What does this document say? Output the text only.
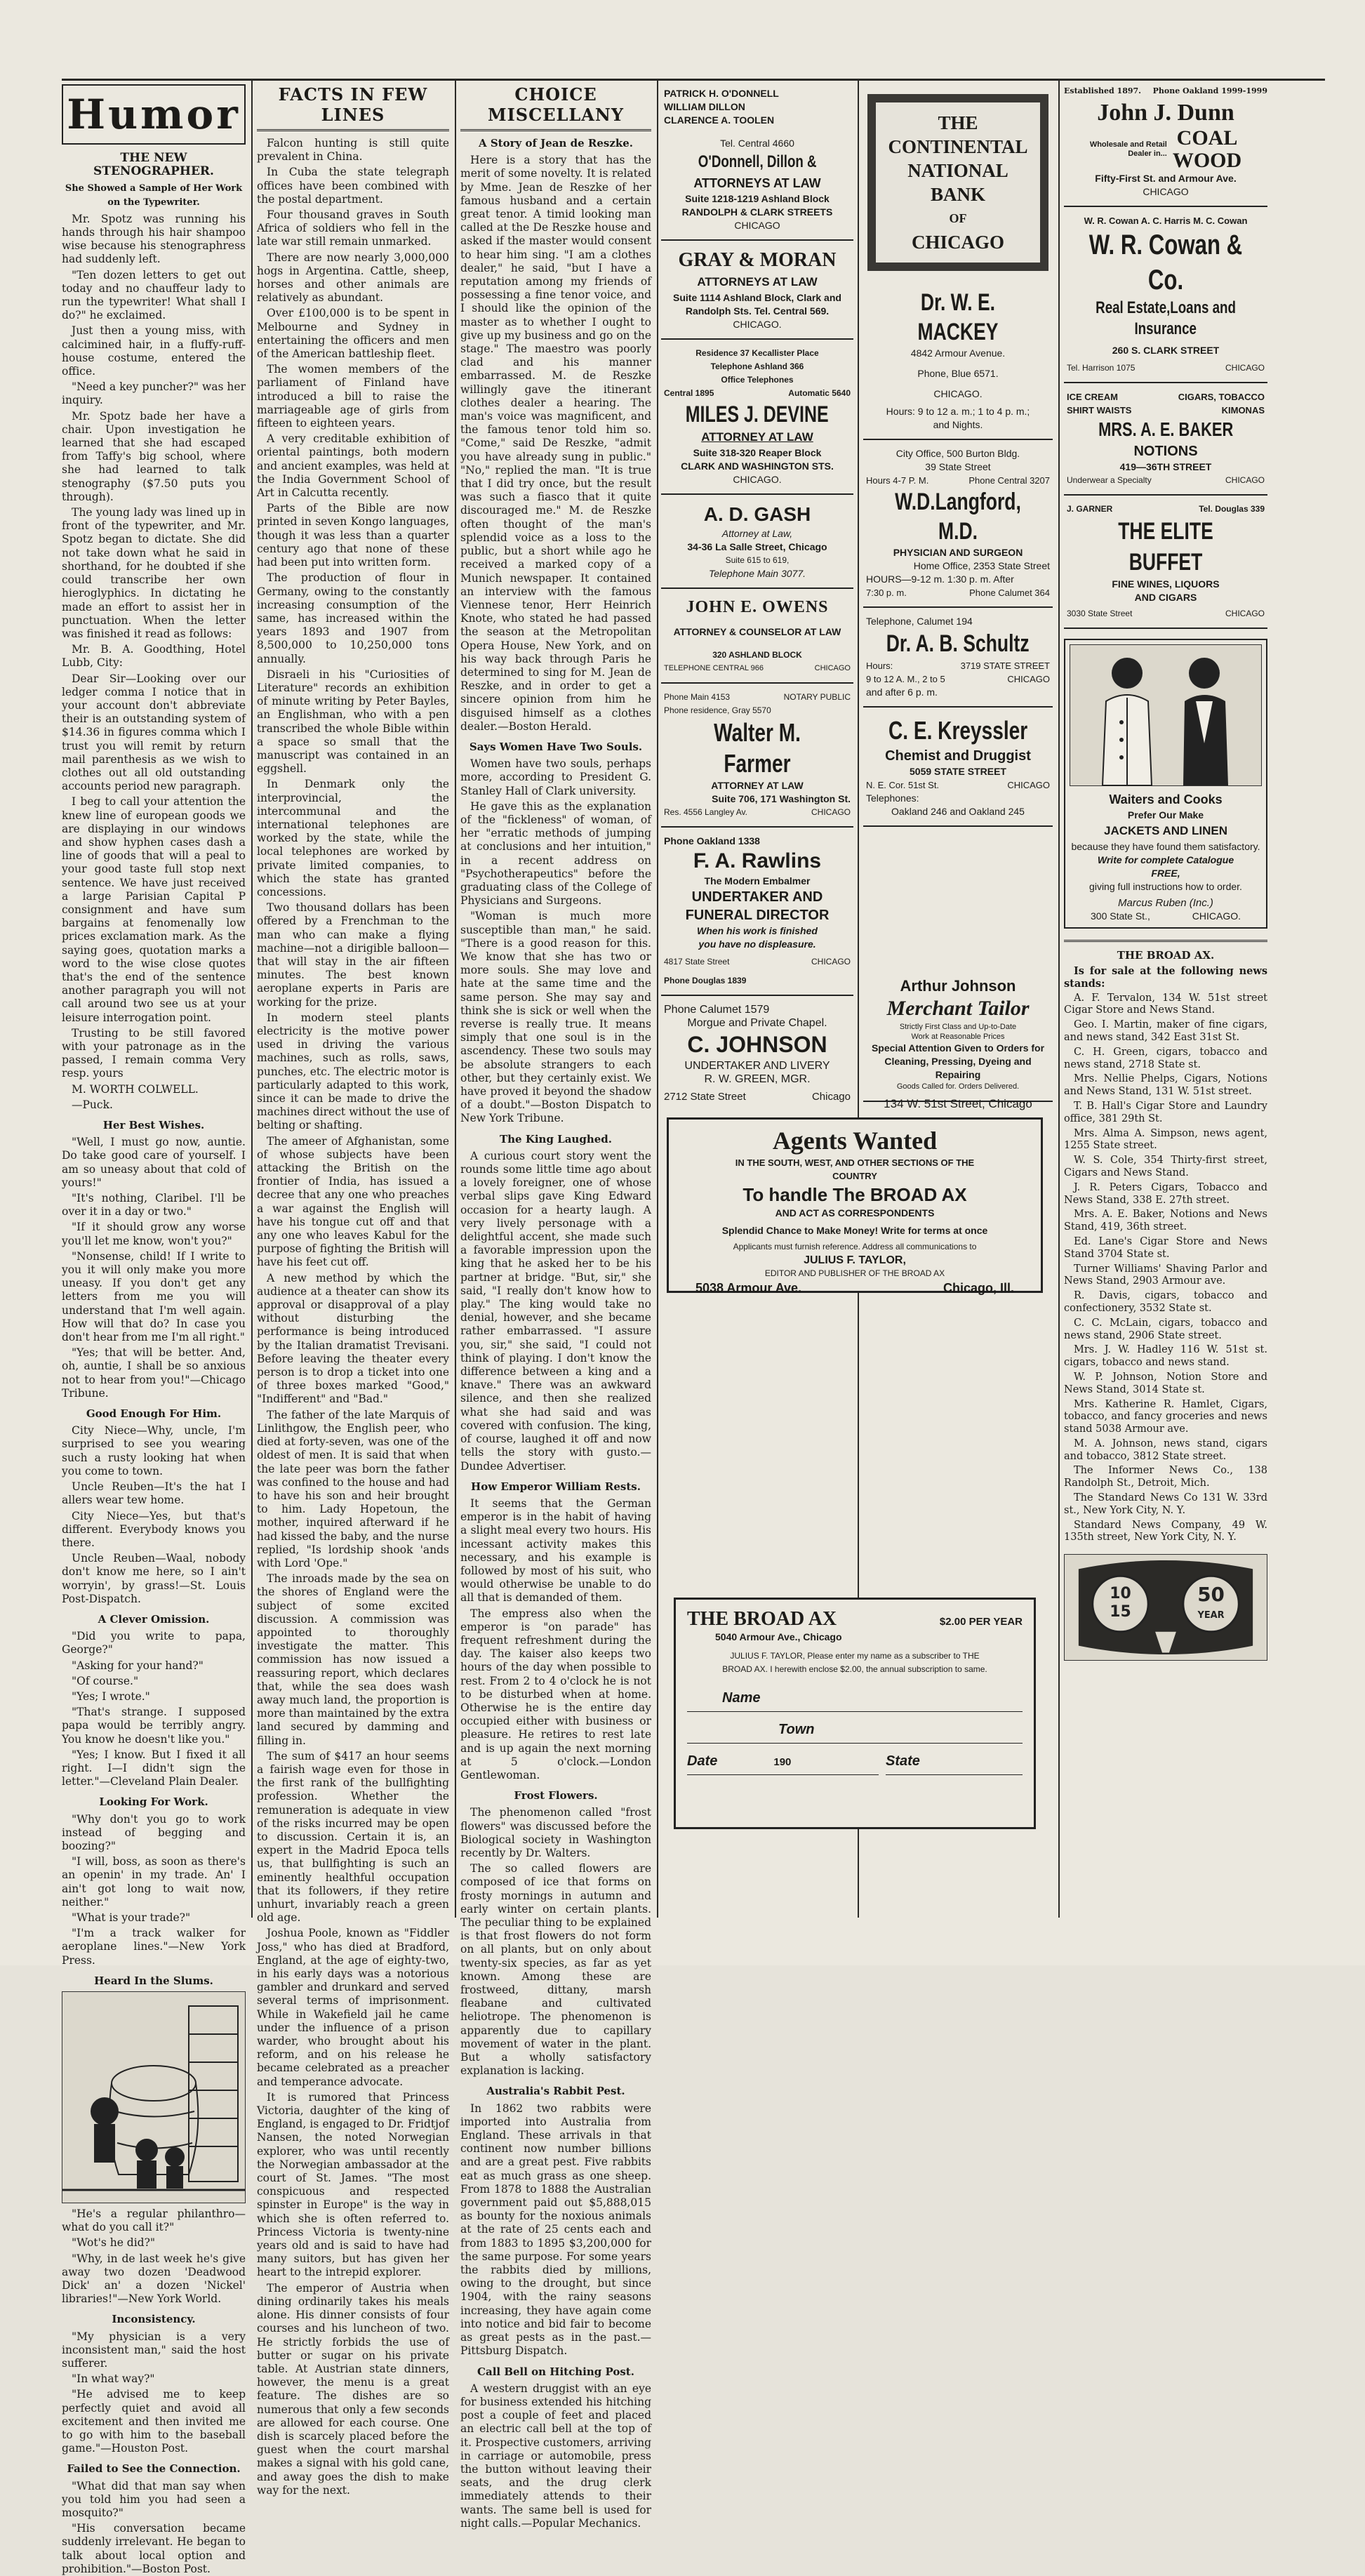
Humor
THE NEW STENOGRAPHER.
She Showed a Sample of Her Work on the Typewriter.

Mr. Spotz was running his hands through his hair shampoo wise because his stenographress had suddenly left.

"Ten dozen letters to get out today and no chauffeur lady to run the typewriter! What shall I do?" he exclaimed.

Just then a young miss, with calcimined hair, in a fluffy-ruff-house costume, entered the office.

"Need a key puncher?" was her inquiry.

Mr. Spotz bade her have a chair. Upon investigation he learned that she had escaped from Taffy's big school, where she had learned to talk stenography ($7.50 puts you through).

The young lady was lined up in front of the typewriter, and Mr. Spotz began to dictate. She did not take down what he said in shorthand, for he doubted if she could transcribe her own hieroglyphics. In dictating he made an effort to assist her in punctuation. When the letter was finished it read as follows:

Mr. B. A. Goodthing, Hotel Lubb, City:

Dear Sir—Looking over our ledger comma I notice that in your account don't abbreviate their is an outstanding system of $14.36 in figures comma which I trust you will remit by return mail parenthesis as we wish to clothes out all old outstanding accounts period new paragraph.

I beg to call your attention the knew line of european goods we are displaying in our windows and show hyphen cases dash a line of goods that will a peal to your good taste full stop next sentence. We have just received a large Parisian Capital P consignment and have sum bargains at fenomenally low prices exclamation mark. As the saying goes, quotation marks a word to the wise close quotes that's the end of the sentence another paragraph you will not call around two see us at your leisure interrogation point.

Trusting to be still favored with your patronage as in the passed, I remain comma Very resp. yours

M. WORTH COLWELL.

—Puck.

Her Best Wishes.

"Well, I must go now, auntie. Do take good care of yourself. I am so uneasy about that cold of yours!"

"It's nothing, Claribel. I'll be over it in a day or two."

"If it should grow any worse you'll let me know, won't you?"

"Nonsense, child! If I write to you it will only make you more uneasy. If you don't get any letters from me you will understand that I'm well again. How will that do? In case you don't hear from me I'm all right."

"Yes; that will be better. And, oh, auntie, I shall be so anxious not to hear from you!"—Chicago Tribune.

Good Enough For Him.

City Niece—Why, uncle, I'm surprised to see you wearing such a rusty looking hat when you come to town.

Uncle Reuben—It's the hat I allers wear tew home.

City Niece—Yes, but that's different. Everybody knows you there.

Uncle Reuben—Waal, nobody don't know me here, so I ain't worryin', by grass!—St. Louis Post-Dispatch.

A Clever Omission.

"Did you write to papa, George?"

"Asking for your hand?"

"Of course."

"Yes; I wrote."

"That's strange. I supposed papa would be terribly angry. You know he doesn't like you."

"Yes; I know. But I fixed it all right. I—I didn't sign the letter."—Cleveland Plain Dealer.

Looking For Work.

"Why don't you go to work instead of begging and boozing?"

"I will, boss, as soon as there's an openin' in my trade. An' I ain't got long to wait now, neither."

"What is your trade?"

"I'm a track walker for aeroplane lines."—New York Press.

Heard In the Slums.

"He's a regular philanthro—what do you call it?"

"Wot's he did?"

"Why, in de last week he's give away two dozen 'Deadwood Dick' an' a dozen 'Nickel' libraries!"—New York World.

Inconsistency.

"My physician is a very inconsistent man," said the host sufferer.

"In what way?"

"He advised me to keep perfectly quiet and avoid all excitement and then invited me to go with him to the baseball game."—Houston Post.

Failed to See the Connection.

"What did that man say when you told him you had seen a mosquito?"

"His conversation became suddenly irrelevant. He began to talk about local option and prohibition."—Boston Post.

FACTS IN FEW LINES

Falcon hunting is still quite prevalent in China.

In Cuba the state telegraph offices have been combined with the postal department.

Four thousand graves in South Africa of soldiers who fell in the late war still remain unmarked.

There are now nearly 3,000,000 hogs in Argentina. Cattle, sheep, horses and other animals are relatively as abundant.

Over £100,000 is to be spent in Melbourne and Sydney in entertaining the officers and men of the American battleship fleet.

The women members of the parliament of Finland have introduced a bill to raise the marriageable age of girls from fifteen to eighteen years.

A very creditable exhibition of oriental paintings, both modern and ancient examples, was held at the India Government School of Art in Calcutta recently.

Parts of the Bible are now printed in seven Kongo languages, though it was less than a quarter century ago that none of these had been put into written form.

The production of flour in Germany, owing to the constantly increasing consumption of the same, has increased within the years 1893 and 1907 from 8,500,000 to 10,250,000 tons annually.

Disraeli in his "Curiosities of Literature" records an exhibition of minute writing by Peter Bayles, an Englishman, who with a pen transcribed the whole Bible within a space so small that the manuscript was contained in an eggshell.

In Denmark only the interprovincial, the intercommunal and the international telephones are worked by the state, while the local telephones are worked by private limited companies, to which the state has granted concessions.

Two thousand dollars has been offered by a Frenchman to the man who can make a flying machine—not a dirigible balloon—that will stay in the air fifteen minutes. The best known aeroplane experts in Paris are working for the prize.

In modern steel plants electricity is the motive power used in driving the various machines, such as rolls, saws, punches, etc. The electric motor is particularly adapted to this work, since it can be made to drive the machines direct without the use of belting or shafting.

The ameer of Afghanistan, some of whose subjects have been attacking the British on the frontier of India, has issued a decree that any one who preaches a war against the English will have his tongue cut off and that any one who leaves Kabul for the purpose of fighting the British will have his feet cut off.

A new method by which the audience at a theater can show its approval or disapproval of a play without disturbing the performance is being introduced by the Italian dramatist Trevisani. Before leaving the theater every person is to drop a ticket into one of three boxes marked "Good," "Indifferent" and "Bad."

The father of the late Marquis of Linlithgow, the English peer, who died at forty-seven, was one of the oldest of men. It is said that when the late peer was born the father was confined to the house and had to have his son and heir brought to him. Lady Hopetoun, the mother, inquired afterward if he had kissed the baby, and the nurse replied, "Is lordship shook 'ands with Lord 'Ope."

The inroads made by the sea on the shores of England were the subject of some excited discussion. A commission was appointed to thoroughly investigate the matter. This commission has now issued a reassuring report, which declares that, while the sea does wash away much land, the proportion is more than maintained by the extra land secured by damming and filling in.

The sum of $417 an hour seems a fairish wage even for those in the first rank of the bullfighting profession. Whether the remuneration is adequate in view of the risks incurred may be open to discussion. Certain it is, an expert in the Madrid Epoca tells us, that bullfighting is such an eminently healthful occupation that its followers, if they retire unhurt, invariably reach a green old age.

Joshua Poole, known as "Fiddler Joss," who has died at Bradford, England, at the age of eighty-two, in his early days was a notorious gambler and drunkard and served several terms of imprisonment. While in Wakefield jail he came under the influence of a prison warder, who brought about his reform, and on his release he became celebrated as a preacher and temperance advocate.

It is rumored that Princess Victoria, daughter of the king of England, is engaged to Dr. Fridtjof Nansen, the noted Norwegian explorer, who was until recently the Norwegian ambassador at the court of St. James. "The most conspicuous and respected spinster in Europe" is the way in which she is often referred to. Princess Victoria is twenty-nine years old and is said to have had many suitors, but has given her heart to the intrepid explorer.

The emperor of Austria when dining ordinarily takes his meals alone. His dinner consists of four courses and his luncheon of two. He strictly forbids the use of butter or sugar on his private table. At Austrian state dinners, however, the menu is a great feature. The dishes are so numerous that only a few seconds are allowed for each course. One dish is scarcely placed before the guest when the court marshal makes a signal with his gold cane, and away goes the dish to make way for the next.

CHOICE MISCELLANY
A Story of Jean de Reszke.

Here is a story that has the merit of some novelty. It is related by Mme. Jean de Reszke of her famous husband and a certain great tenor. A timid looking man called at the De Reszke house and asked if the master would consent to hear him sing. "I am a clothes dealer," he said, "but I have a reputation among my friends of possessing a fine tenor voice, and I should like the opinion of the master as to whether I ought to give up my business and go on the stage." The maestro was poorly clad and his manner embarrassed. M. de Reszke willingly gave the itinerant clothes dealer a hearing. The man's voice was magnificent, and the famous tenor told him so. "Come," said De Reszke, "admit you have already sung in public." "No," replied the man. "It is true that I did try once, but the result was such a fiasco that it quite discouraged me." M. de Reszke often thought of the man's splendid voice as a loss to the public, but a short while ago he received a marked copy of a Munich newspaper. It contained an interview with the famous Viennese tenor, Herr Heinrich Knote, who stated he had passed the season at the Metropolitan Opera House, New York, and on his way back through Paris he determined to sing for M. Jean de Reszke, and in order to get a sincere opinion from him he disguised himself as a clothes dealer.—Boston Herald.

Says Women Have Two Souls.

Women have two souls, perhaps more, according to President G. Stanley Hall of Clark university.

He gave this as the explanation of the "fickleness" of woman, of her "erratic methods of jumping at conclusions and her intuition," in a recent address on "Psychotherapeutics" before the graduating class of the College of Physicians and Surgeons.

"Woman is much more susceptible than man," he said. "There is a good reason for this. We know that she has two or more souls. She may love and hate at the same time and the same person. She may say and think she is sick or well when the reverse is really true. It means simply that one soul is in the ascendency. These two souls may be absolute strangers to each other, but they certainly exist. We have proved it beyond the shadow of a doubt."—Boston Dispatch to New York Tribune.

The King Laughed.

A curious court story went the rounds some little time ago about a lovely foreigner, one of whose verbal slips gave King Edward occasion for a hearty laugh. A very lively personage with a delightful accent, she made such a favorable impression upon the king that he asked her to be his partner at bridge. "But, sir," she said, "I really don't know how to play." The king would take no denial, however, and she became rather embarrassed. "I assure you, sir," she said, "I could not think of playing. I don't know the difference between a king and a knave." There was an awkward silence, and then she realized what she had said and was covered with confusion. The king, of course, laughed it off and now tells the story with gusto.—Dundee Advertiser.

How Emperor William Rests.

It seems that the German emperor is in the habit of having a slight meal every two hours. His incessant activity makes this necessary, and his example is followed by most of his suit, who would otherwise be unable to do all that is demanded of them.

The empress also when the emperor is "on parade" has frequent refreshment during the day. The kaiser also keeps two hours of the day when possible to rest. From 2 to 4 o'clock he is not to be disturbed when at home. Otherwise he is the entire day occupied either with business or pleasure. He retires to rest late and is up again the next morning at 5 o'clock.—London Gentlewoman.

Frost Flowers.

The phenomenon called "frost flowers" was discussed before the Biological society in Washington recently by Dr. Walters.

The so called flowers are composed of ice that forms on frosty mornings in autumn and early winter on certain plants. The peculiar thing to be explained is that frost flowers do not form on all plants, but on only about twenty-six species, as far as yet known. Among these are frostweed, dittany, marsh fleabane and cultivated heliotrope. The phenomenon is apparently due to capillary movement of water in the plant. But a wholly satisfactory explanation is lacking.

Australia's Rabbit Pest.

In 1862 two rabbits were imported into Australia from England. These arrivals in that continent now number billions and are a great pest. Five rabbits eat as much grass as one sheep. From 1878 to 1888 the Australian government paid out $5,888,015 as bounty for the noxious animals at the rate of 25 cents each and from 1883 to 1895 $3,200,000 for the same purpose. For some years the rabbits died by millions, owing to the drought, but since 1904, with the rainy seasons increasing, they have again come into notice and bid fair to become as great pests as in the past.—Pittsburg Dispatch.

Call Bell on Hitching Post.

A western druggist with an eye for business extended his hitching post a couple of feet and placed an electric call bell at the top of it. Prospective customers, arriving in carriage or automobile, press the button without leaving their seats, and the drug clerk immediately attends to their wants. The same bell is used for night calls.—Popular Mechanics.

PATRICK H. O'DONNELL
WILLIAM DILLON
CLARENCE A. TOOLEN
Tel. Central 4660
O'Donnell, Dillon &
ATTORNEYS AT LAW
Suite 1218-1219 Ashland Block
RANDOLPH & CLARK STREETS
CHICAGO
GRAY & MORAN
ATTORNEYS AT LAW
Suite 1114 Ashland Block, Clark and
Randolph Sts. Tel. Central 569.
CHICAGO.
Residence 37 Kecallister Place
Telephone Ashland 366
Office Telephones
Central 1895	Automatic 5640
MILES J. DEVINE
ATTORNEY AT LAW
Suite 318-320 Reaper Block
CLARK AND WASHINGTON STS.
CHICAGO.
A. D. GASH
Attorney at Law,
34-36 La Salle Street, Chicago
Suite 615 to 619,
Telephone Main 3077.
JOHN E. OWENS
ATTORNEY & COUNSELOR AT LAW
320 ASHLAND BLOCK
TELEPHONE CENTRAL 966	CHICAGO
Phone Main 4153	NOTARY PUBLIC
Phone residence, Gray 5570
Walter M. Farmer
ATTORNEY AT LAW
Suite 706, 171 Washington St.
Res. 4556 Langley Av.	CHICAGO
Phone Oakland 1338
F. A. Rawlins
The Modern Embalmer
UNDERTAKER AND
FUNERAL DIRECTOR
When his work is finished
you have no displeasure.
4817 State Street	CHICAGO
Phone Douglas 1839
Phone Calumet 1579
Morgue and Private Chapel.
C. JOHNSON
UNDERTAKER AND LIVERY
R. W. GREEN, MGR.
2712 State Street	Chicago
THE
CONTINENTAL
NATIONAL
BANK
OF
CHICAGO
Dr. W. E. MACKEY
4842 Armour Avenue.
Phone, Blue 6571.
CHICAGO.
Hours: 9 to 12 a. m.; 1 to 4 p. m.;
and Nights.
City Office, 500 Burton Bldg.
39 State Street
Hours 4-7 P. M.	Phone Central 3207
W.D.Langford, M.D.
PHYSICIAN AND SURGEON
Home Office, 2353 State Street
HOURS—9-12 m. 1:30 p. m. After
7:30 p. m.	Phone Calumet 364
Telephone, Calumet 194
Dr. A. B. Schultz
Hours:	3719 STATE STREET
9 to 12 A. M., 2 to 5	CHICAGO
and after 6 p. m.
C. E. Kreyssler
Chemist and Druggist
5059 STATE STREET
N. E. Cor. 51st St.	CHICAGO
Telephones:
Oakland 246 and Oakland 245
Arthur Johnson
Merchant Tailor
Strictly First Class and Up-to-Date
Work at Reasonable Prices
Special Attention Given to Orders for
Cleaning, Pressing, Dyeing and Repairing
Goods Called for. Orders Delivered.
134 W. 51st Street, Chicago
Agents Wanted
IN THE SOUTH, WEST, AND OTHER SECTIONS OF THE
COUNTRY
To handle The BROAD AX
AND ACT AS CORRESPONDENTS
Splendid Chance to Make Money! Write for terms at once
Applicants must furnish reference. Address all communications to
JULIUS F. TAYLOR,
EDITOR AND PUBLISHER OF THE BROAD AX
5038 Armour Ave.	Chicago, Ill.
THE BROAD AX	$2.00 PER YEAR
5040 Armour Ave., Chicago
JULIUS F. TAYLOR, Please enter my name as a subscriber to THE
BROAD AX. I herewith enclose $2.00, the annual subscription to same.
Name
Town
Date	190	State
Established 1897. Phone Oakland 1999-1999
John J. Dunn
Wholesale and Retail
Dealer in...
COAL
WOOD
Fifty-First St. and Armour Ave.
CHICAGO
W. R. Cowan A. C. Harris M. C. Cowan
W. R. Cowan & Co.
Real Estate,Loans and
Insurance
260 S. CLARK STREET
Tel. Harrison 1075	CHICAGO
ICE CREAM	CIGARS, TOBACCO
SHIRT WAISTS	KIMONAS
MRS. A. E. BAKER
NOTIONS
419—36TH STREET
Underwear a Specialty	CHICAGO
J. GARNER	Tel. Douglas 339
THE ELITE BUFFET
FINE WINES, LIQUORS
AND CIGARS
3030 State Street	CHICAGO
Waiters and Cooks
Prefer Our Make
JACKETS AND LINEN
because they have found them satisfactory.
Write for complete Catalogue
FREE,
giving full instructions how to order.
Marcus Ruben (Inc.)
300 State St.,	CHICAGO.
THE BROAD AX.

Is for sale at the following news stands:

A. F. Tervalon, 134 W. 51st street Cigar Store and News Stand.

Geo. I. Martin, maker of fine cigars, and news stand, 342 East 31st St.

C. H. Green, cigars, tobacco and news stand, 2718 State st.

Mrs. Nellie Phelps, Cigars, Notions and News Stand, 131 W. 51st street.

T. B. Hall's Cigar Store and Laundry office, 381 29th St.

Mrs. Alma A. Simpson, news agent, 1255 State street.

W. S. Cole, 354 Thirty-first street, Cigars and News Stand.

J. R. Peters Cigars, Tobacco and News Stand, 338 E. 27th street.

Mrs. A. E. Baker, Notions and News Stand, 419, 36th street.

Ed. Lane's Cigar Store and News Stand 3704 State st.

Turner Williams' Shaving Parlor and News Stand, 2903 Armour ave.

R. Davis, cigars, tobacco and confectionery, 3532 State st.

C. C. McLain, cigars, tobacco and news stand, 2906 State street.

Mrs. J. W. Hadley 116 W. 51st st. cigars, tobacco and news stand.

W. P. Johnson, Notion Store and News Stand, 3014 State st.

Mrs. Katherine R. Hamlet, Cigars, tobacco, and fancy groceries and news stand 5038 Armour ave.

M. A. Johnson, news stand, cigars and tobacco, 3812 State street.

The Informer News Co., 138 Randolph St., Detroit, Mich.

The Standard News Co 131 W. 33rd st., New York City, N. Y.

Standard News Company, 49 W. 135th street, New York City, N. Y.

10
15
50
YEAR
